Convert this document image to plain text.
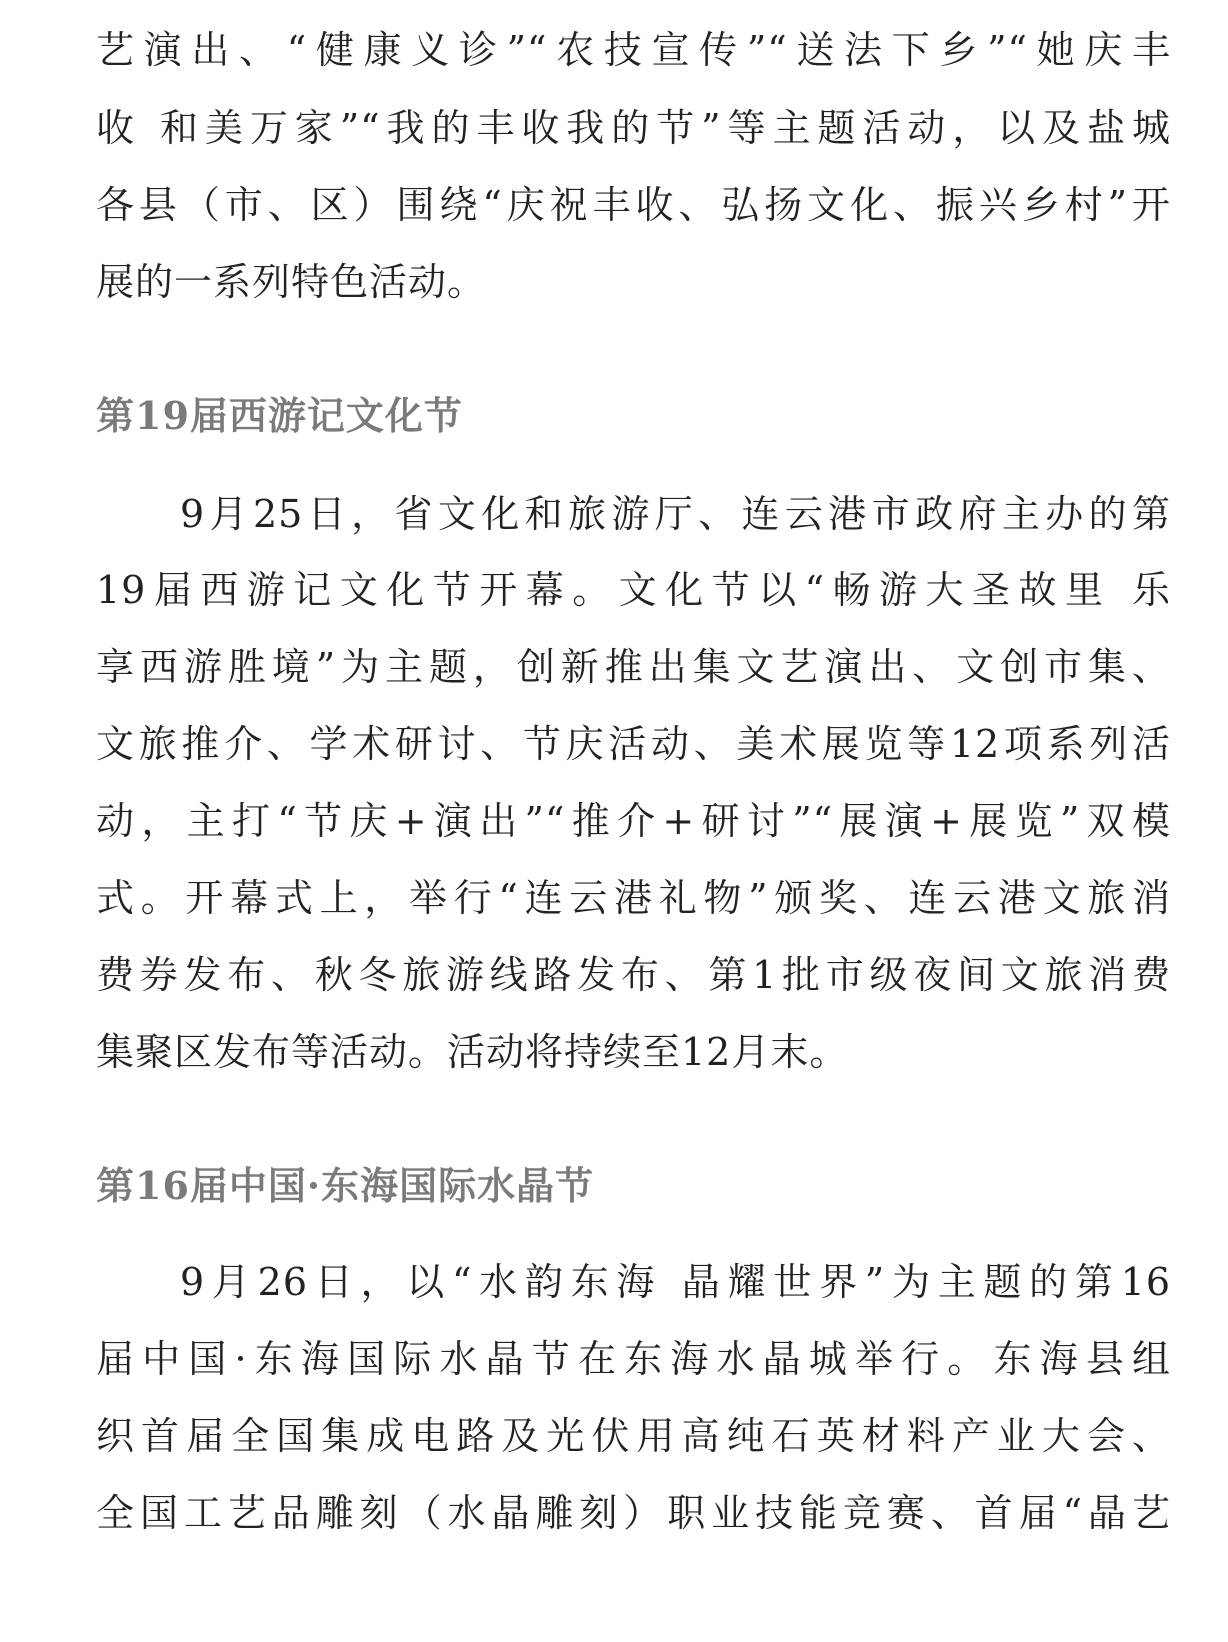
艺演出、“健康义诊”“农技宣传”“送法下乡”“她庆丰
收 和美万家”“我的丰收我的节”等主题活动，以及盐城
各县（市、区）围绕“庆祝丰收、弘扬文化、振兴乡村”开
展的一系列特色活动。
第19届西游记文化节
9月25日，省文化和旅游厅、连云港市政府主办的第
19届西游记文化节开幕。文化节以“畅游大圣故里 乐
享西游胜境”为主题，创新推出集文艺演出、文创市集、
文旅推介、学术研讨、节庆活动、美术展览等12项系列活
动，主打“节庆+演出”“推介+研讨”“展演+展览”双模
式。开幕式上，举行“连云港礼物”颁奖、连云港文旅消
费券发布、秋冬旅游线路发布、第1批市级夜间文旅消费
集聚区发布等活动。活动将持续至12月末。
第16届中国·东海国际水晶节
9月26日，以“水韵东海 晶耀世界”为主题的第16
届中国·东海国际水晶节在东海水晶城举行。东海县组
织首届全国集成电路及光伏用高纯石英材料产业大会、
全国工艺品雕刻（水晶雕刻）职业技能竞赛、首届“晶艺
